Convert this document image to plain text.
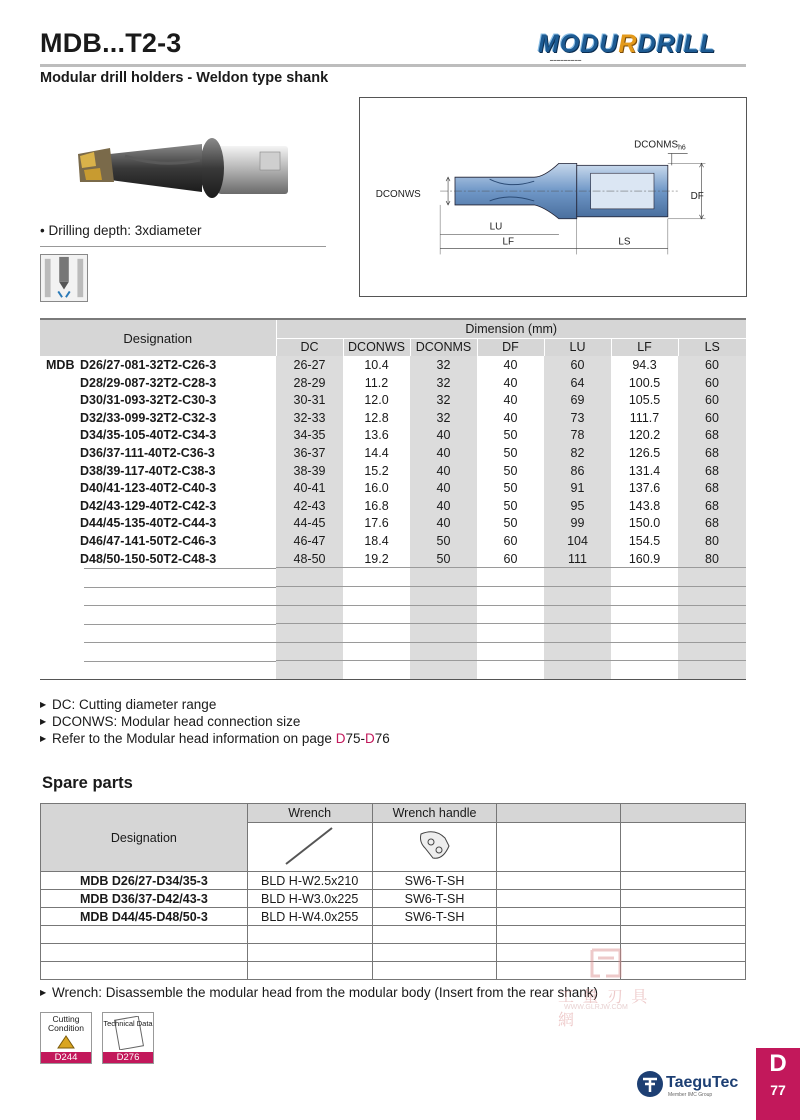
MDB...T2-3
Modular drill holders - Weldon type shank
MODURDRILL
━━━━━━━━━
• Drilling depth: 3xdiameter
DCONWS
$DCONMS_{h6}$
DF
LU
LF	LS
Designation	Dimension (mm)						
	DC	DCONWS	DCONMS	DF	LU	LF	LS
MDB D26/27-081-32T2-C26-3	26-27	10.4	32	40	60	94.3	60
D28/29-087-32T2-C28-3	28-29	11.2	32	40	64	100.5	60
D30/31-093-32T2-C30-3	30-31	12.0	32	40	69	105.5	60
D32/33-099-32T2-C32-3	32-33	12.8	32	40	73	111.7	60
D34/35-105-40T2-C34-3	34-35	13.6	40	50	78	120.2	68
D36/37-111-40T2-C36-3	36-37	14.4	40	50	82	126.5	68
D38/39-117-40T2-C38-3	38-39	15.2	40	50	86	131.4	68
D40/41-123-40T2-C40-3	40-41	16.0	40	50	91	137.6	68
D42/43-129-40T2-C42-3	42-43	16.8	40	50	95	143.8	68
D44/45-135-40T2-C44-3	44-45	17.6	40	50	99	150.0	68
D46/47-141-50T2-C46-3	46-47	18.4	50	60	104	154.5	80
D48/50-150-50T2-C48-3	48-50	19.2	50	60	111	160.9	80

▶ DC: Cutting diameter range
▶ DCONWS: Modular head connection size
▶ Refer to the Modular head information on page D75-D76
Spare parts
Designation	Wrench	Wrench handle		

MDB D26/27-D34/35-3	BLD H-W2.5x210	SW6-T-SH		
MDB D36/37-D42/43-3	BLD H-W3.0x225	SW6-T-SH		
MDB D44/45-D48/50-3	BLD H-W4.0x255	SW6-T-SH		

▶ Wrench: Disassemble the modular head from the modular body (Insert from the rear shank)
Cutting Condition
D244
Technical Data
D276
工 量 刃 具 網
WWW.GLRJW.COM
TaeguTec
Member IMC Group
D
77
